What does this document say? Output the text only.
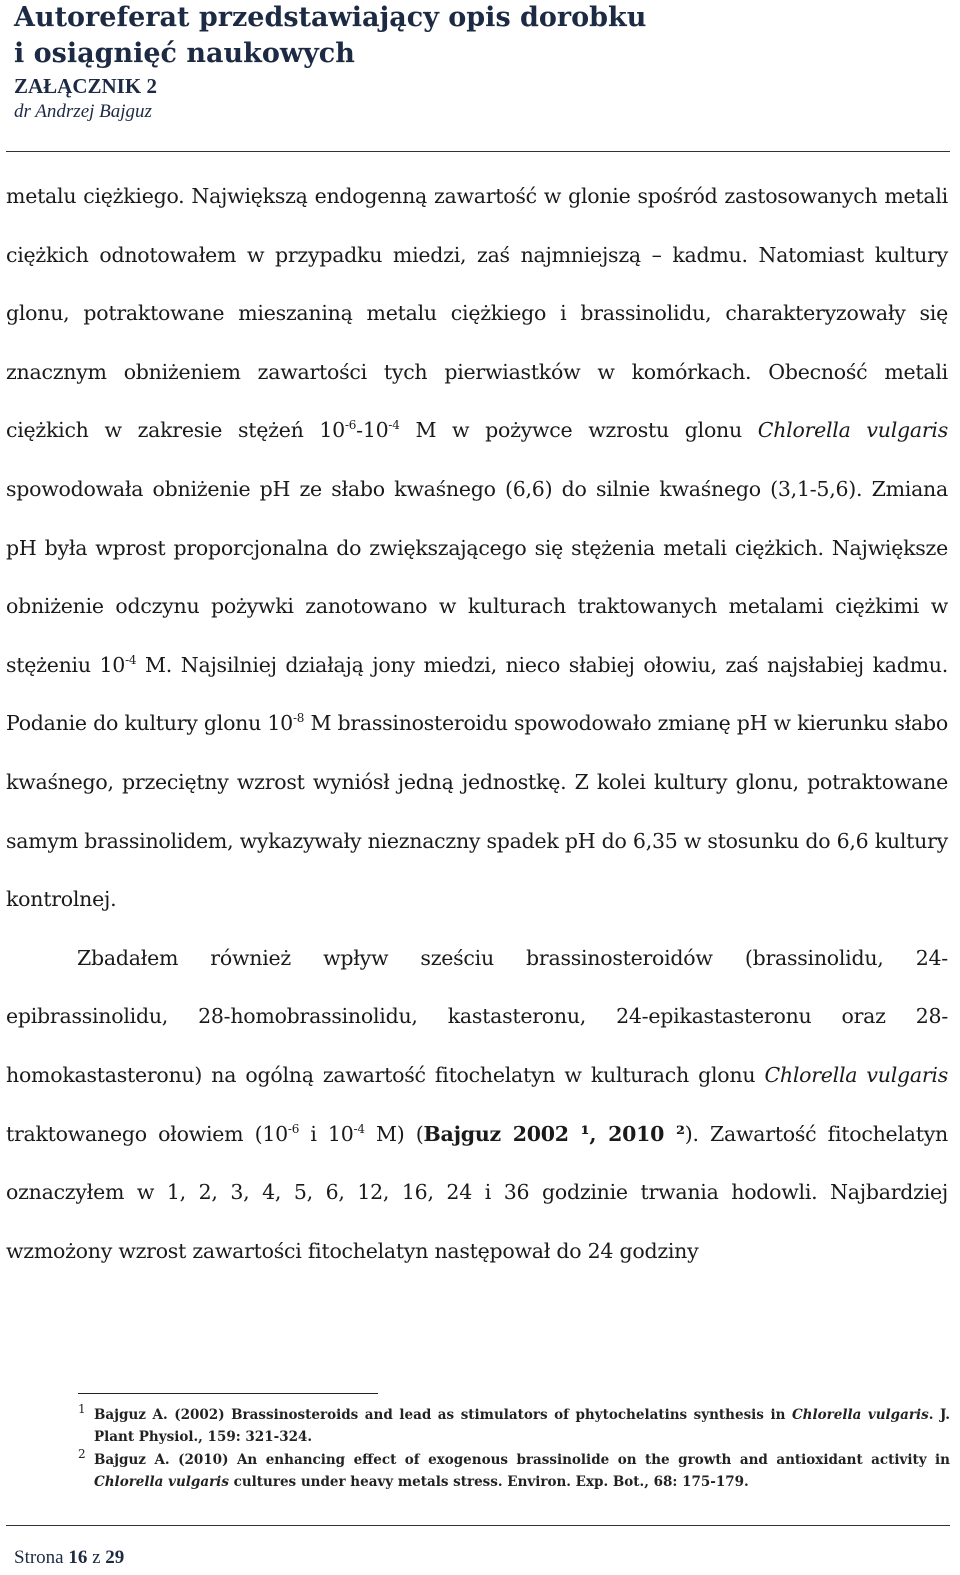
Autoreferat przedstawiający opis dorobku
i osiągnięć naukowych
ZAŁĄCZNIK 2
dr Andrzej Bajguz

metalu ciężkiego. Największą endogenną zawartość w glonie spośród zastosowanych metali ciężkich odnotowałem w przypadku miedzi, zaś najmniejszą – kadmu. Natomiast kultury glonu, potraktowane mieszaniną metalu ciężkiego i brassinolidu, charakteryzowały się znacznym obniżeniem zawartości tych pierwiastków w komórkach. Obecność metali ciężkich w zakresie stężeń $10^{-6}-10^{-4}$ M w pożywce wzrostu glonu Chlorella vulgaris spowodowała obniżenie pH ze słabo kwaśnego (6,6) do silnie kwaśnego (3,1-5,6). Zmiana pH była wprost proporcjonalna do zwiększającego się stężenia metali ciężkich. Największe obniżenie odczynu pożywki zanotowano w kulturach traktowanych metalami ciężkimi w stężeniu $10^{-4}$ M. Najsilniej działają jony miedzi, nieco słabiej ołowiu, zaś najsłabiej kadmu. Podanie do kultury glonu $10^{-8}$ M brassinosteroidu spowodowało zmianę pH w kierunku słabo kwaśnego, przeciętny wzrost wyniósł jedną jednostkę. Z kolei kultury glonu, potraktowane samym brassinolidem, wykazywały nieznaczny spadek pH do 6,35 w stosunku do 6,6 kultury kontrolnej.

Zbadałem również wpływ sześciu brassinosteroidów (brassinolidu, 24-epibrassinolidu, 28-homobrassinolidu, kastasteronu, 24-epikastasteronu oraz 28-homokastasteronu) na ogólną zawartość fitochelatyn w kulturach glonu Chlorella vulgaris traktowanego ołowiem ($10^{-6}$ i $10^{-4}$ M) (Bajguz 2002 ¹, 2010 ²). Zawartość fitochelatyn oznaczyłem w 1, 2, 3, 4, 5, 6, 12, 16, 24 i 36 godzinie trwania hodowli. Najbardziej wzmożony wzrost zawartości fitochelatyn następował do 24 godziny

1 Bajguz A. (2002) Brassinosteroids and lead as stimulators of phytochelatins synthesis in Chlorella vulgaris. J. Plant Physiol., 159: 321-324.
2 Bajguz A. (2010) An enhancing effect of exogenous brassinolide on the growth and antioxidant activity in Chlorella vulgaris cultures under heavy metals stress. Environ. Exp. Bot., 68: 175-179.
Strona 16 z 29
